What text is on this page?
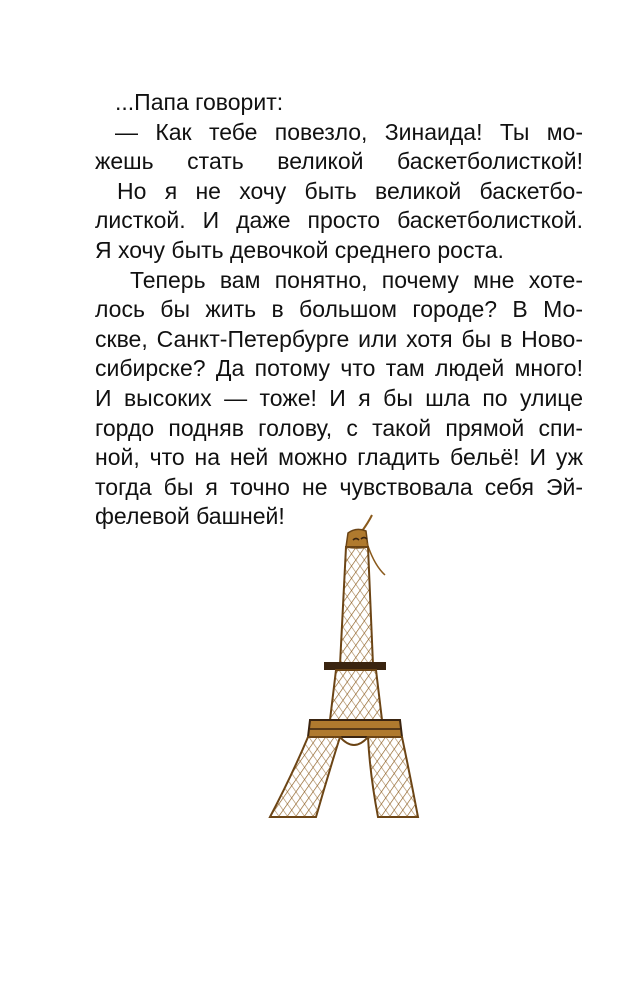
...Папа говорит:
— Как тебе повезло, Зинаида! Ты мо-
жешь стать великой баскетболисткой!
Но я не хочу быть великой баскетбо-
листкой. И даже просто баскетболисткой.
Я хочу быть девочкой среднего роста.
Теперь вам понятно, почему мне хоте-
лось бы жить в большом городе? В Мо-
скве, Санкт-Петербурге или хотя бы в Ново-
сибирске? Да потому что там людей много!
И высоких — тоже! И я бы шла по улице
гордо подняв голову, с такой прямой спи-
ной, что на ней можно гладить бельё! И уж
тогда бы я точно не чувствовала себя Эй-
фелевой башней!
